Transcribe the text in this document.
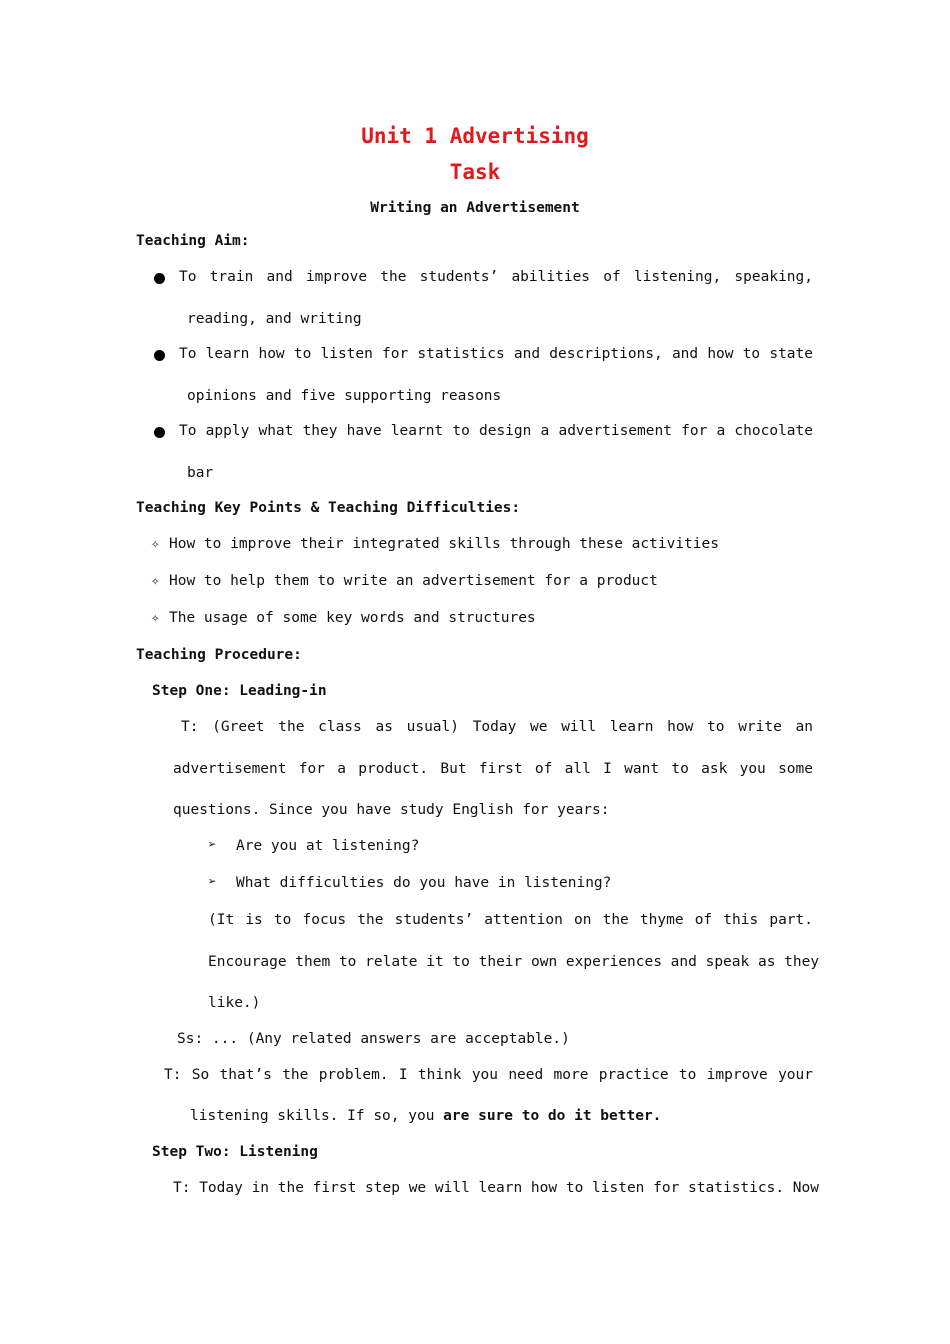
Unit 1 Advertising
Task
Writing an Advertisement
Teaching Aim:
To train and improve the students’ abilities of listening, speaking,
reading, and writing
To learn how to listen for statistics and descriptions, and how to state
opinions and five supporting reasons
To apply what they have learnt to design a advertisement for a chocolate
bar
Teaching Key Points & Teaching Difficulties:
✧ How to improve their integrated skills through these activities
✧ How to help them to write an advertisement for a product
✧ The usage of some key words and structures
Teaching Procedure:
Step One: Leading-in
T: (Greet the class as usual) Today we will learn how to write an
advertisement for a product. But first of all I want to ask you some
questions. Since you have study English for years:
➢ Are you at listening?
➢ What difficulties do you have in listening?
(It is to focus the students’ attention on the thyme of this part.
Encourage them to relate it to their own experiences and speak as they
like.)
Ss: ... (Any related answers are acceptable.)
T: So that’s the problem. I think you need more practice to improve your
listening skills. If so, you are sure to do it better.
Step Two: Listening
T: Today in the first step we will learn how to listen for statistics. Now
